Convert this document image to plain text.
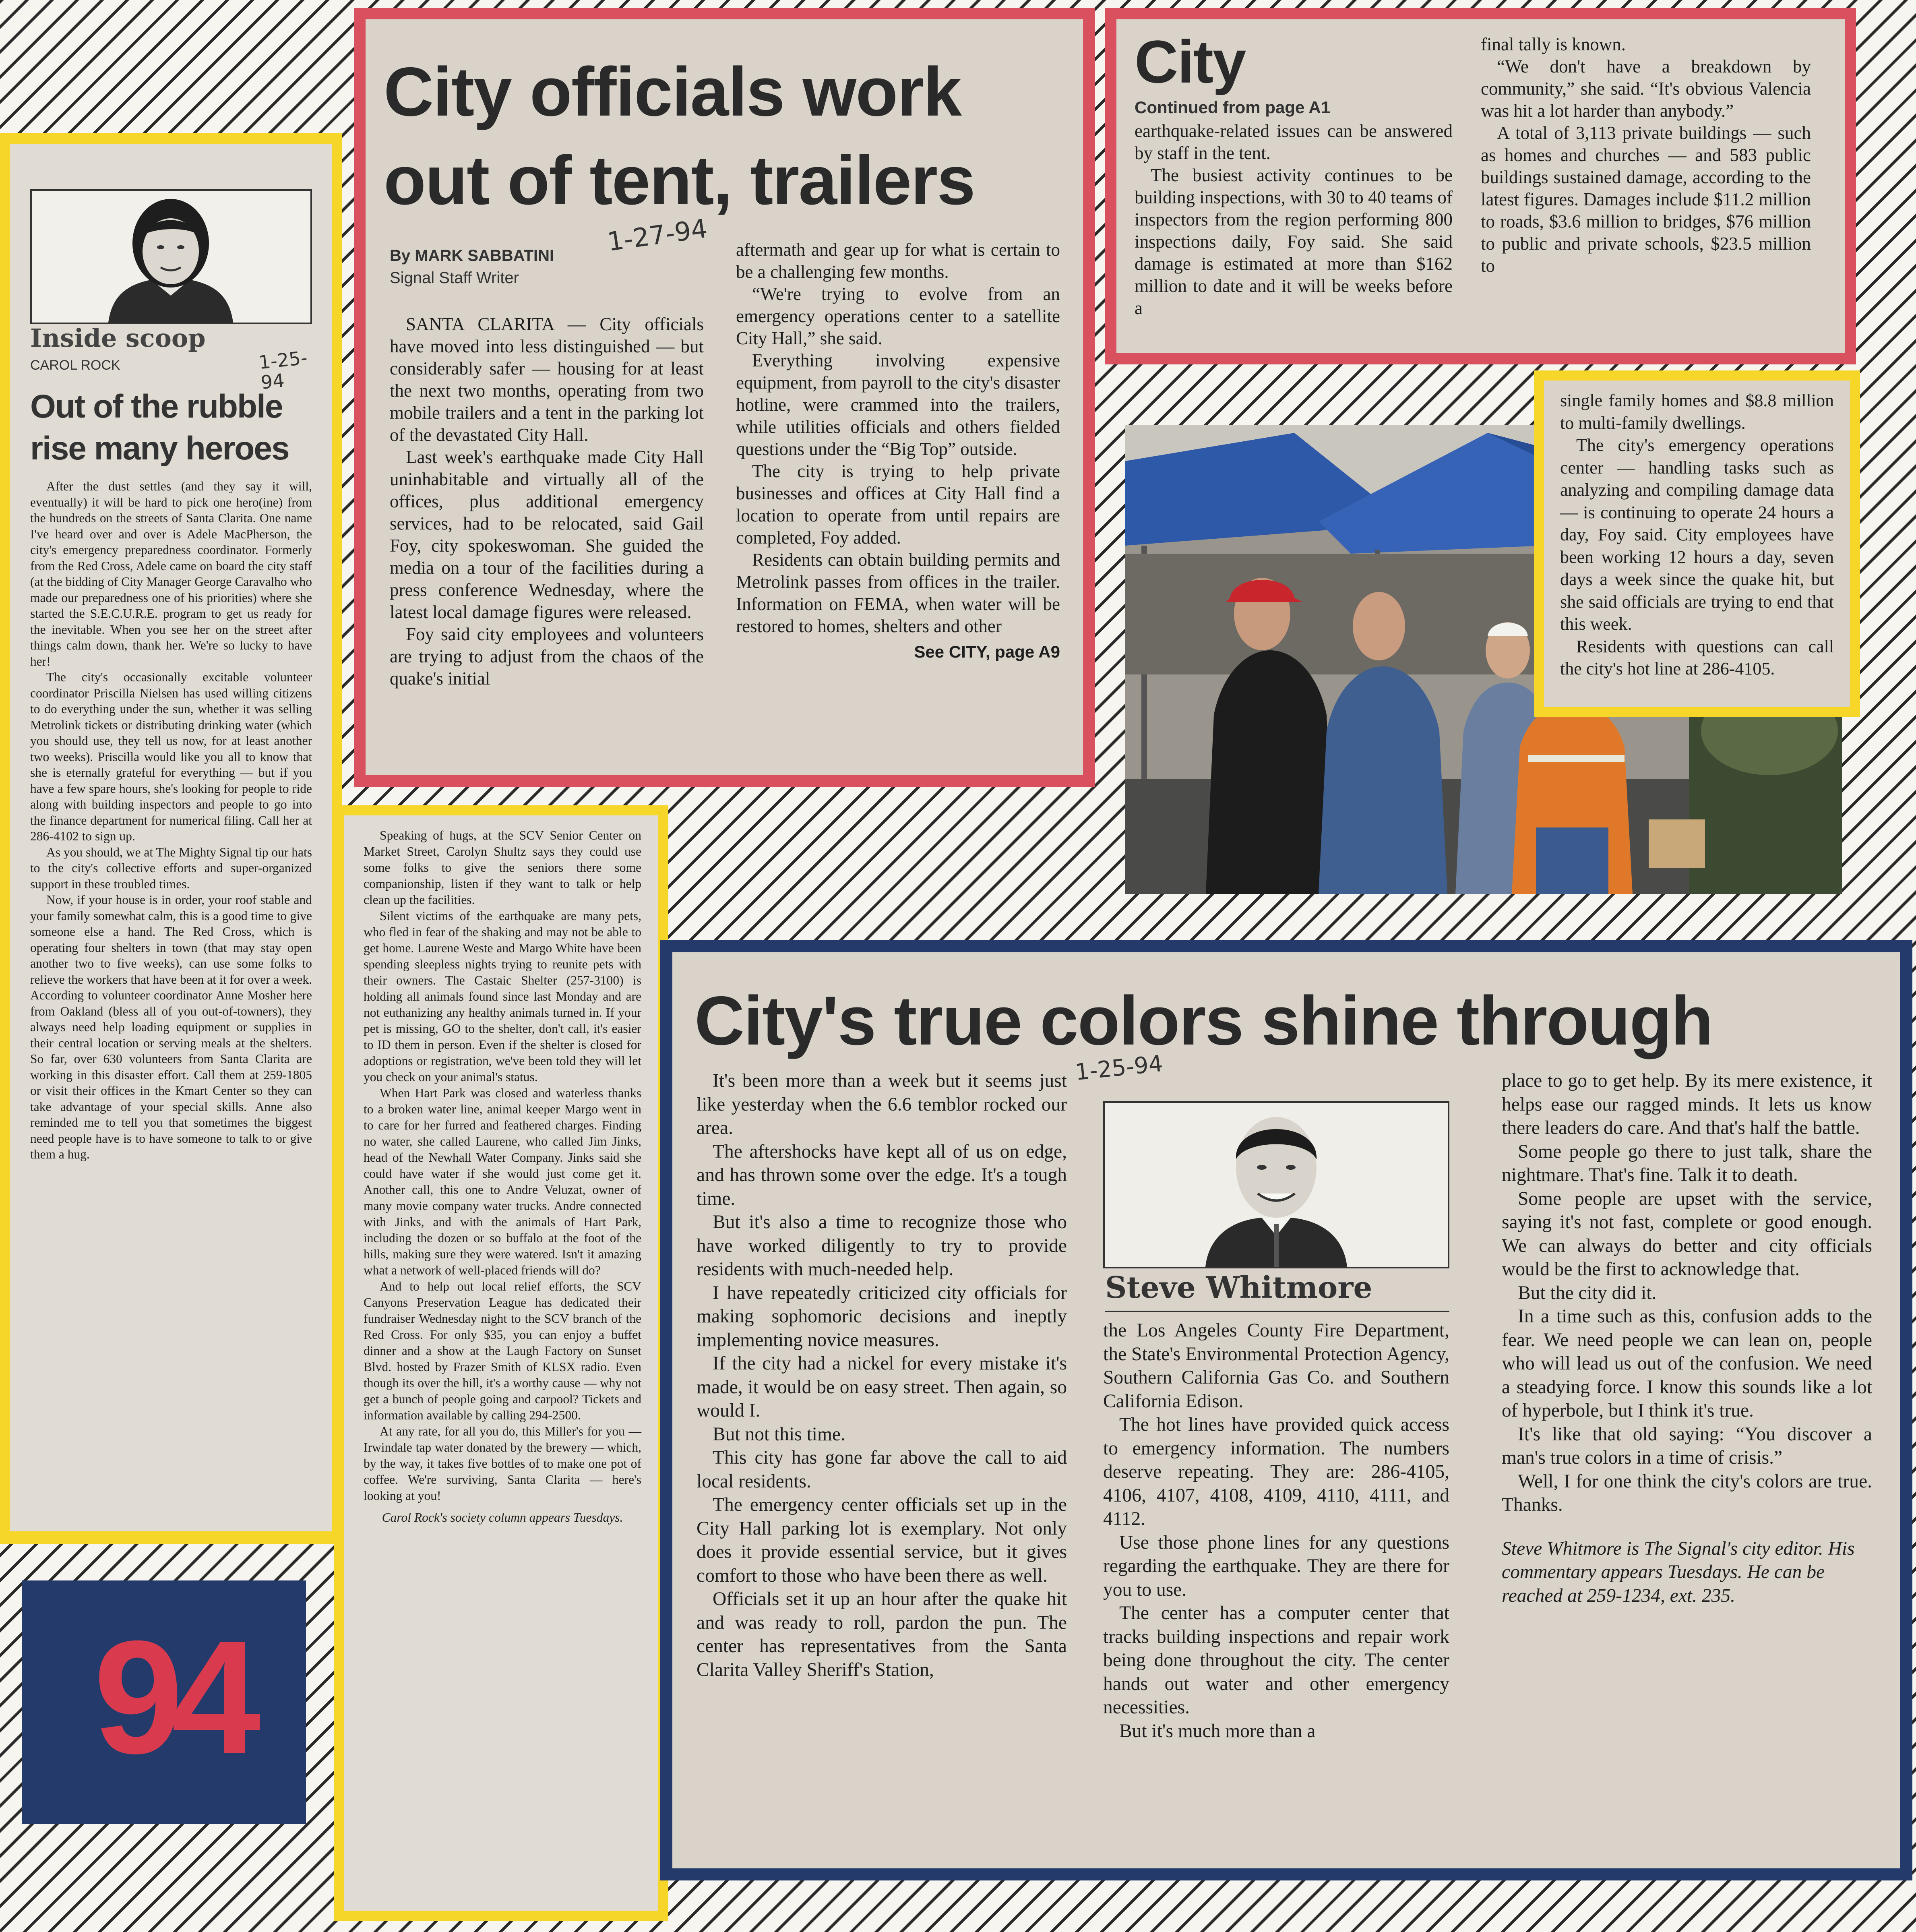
Inside scoop
CAROL ROCK	1-25-94
Out of the rubble
rise many heroes

After the dust settles (and they say it will, eventually) it will be hard to pick one hero(ine) from the hundreds on the streets of Santa Clarita. One name I've heard over and over is Adele MacPherson, the city's emergency preparedness coordinator. Formerly from the Red Cross, Adele came on board the city staff (at the bidding of City Manager George Caravalho who made our preparedness one of his priorities) where she started the S.E.C.U.R.E. program to get us ready for the inevitable. When you see her on the street after things calm down, thank her. We're so lucky to have her!

The city's occasionally excitable volunteer coordinator Priscilla Nielsen has used willing citizens to do everything under the sun, whether it was selling Metrolink tickets or distributing drinking water (which you should use, they tell us now, for at least another two weeks). Priscilla would like you all to know that she is eternally grateful for everything — but if you have a few spare hours, she's looking for people to ride along with building inspectors and people to go into the finance department for numerical filing. Call her at 286-4102 to sign up.

As you should, we at The Mighty Signal tip our hats to the city's collective efforts and super-organized support in these troubled times.

Now, if your house is in order, your roof stable and your family somewhat calm, this is a good time to give someone else a hand. The Red Cross, which is operating four shelters in town (that may stay open another two to five weeks), can use some folks to relieve the workers that have been at it for over a week. According to volunteer coordinator Anne Mosher here from Oakland (bless all of you out-of-towners), they always need help loading equipment or supplies in their central location or serving meals at the shelters. So far, over 630 volunteers from Santa Clarita are working in this disaster effort. Call them at 259-1805 or visit their offices in the Kmart Center so they can take advantage of your special skills. Anne also reminded me to tell you that sometimes the biggest need people have is to have someone to talk to or give them a hug.

Speaking of hugs, at the SCV Senior Center on Market Street, Carolyn Shultz says they could use some folks to give the seniors there some companionship, listen if they want to talk or help clean up the facilities.

Silent victims of the earthquake are many pets, who fled in fear of the shaking and may not be able to get home. Laurene Weste and Margo White have been spending sleepless nights trying to reunite pets with their owners. The Castaic Shelter (257-3100) is holding all animals found since last Monday and are not euthanizing any healthy animals turned in. If your pet is missing, GO to the shelter, don't call, it's easier to ID them in person. Even if the shelter is closed for adoptions or registration, we've been told they will let you check on your animal's status.

When Hart Park was closed and waterless thanks to a broken water line, animal keeper Margo went in to care for her furred and feathered charges. Finding no water, she called Laurene, who called Jim Jinks, head of the Newhall Water Company. Jinks said she could have water if she would just come get it. Another call, this one to Andre Veluzat, owner of many movie company water trucks. Andre connected with Jinks, and with the animals of Hart Park, including the dozen or so buffalo at the foot of the hills, making sure they were watered. Isn't it amazing what a network of well-placed friends will do?

And to help out local relief efforts, the SCV Canyons Preservation League has dedicated their fundraiser Wednesday night to the SCV branch of the Red Cross. For only $35, you can enjoy a buffet dinner and a show at the Laugh Factory on Sunset Blvd. hosted by Frazer Smith of KLSX radio. Even though its over the hill, it's a worthy cause — why not get a bunch of people going and carpool? Tickets and information available by calling 294-2500.

At any rate, for all you do, this Miller's for you — Irwindale tap water donated by the brewery — which, by the way, it takes five bottles of to make one pot of coffee. We're surviving, Santa Clarita — here's looking at you!

Carol Rock's society column appears Tuesdays.
94
City officials work
out of tent, trailers
By MARK SABBATINI 1-27-94
Signal Staff Writer

SANTA CLARITA — City officials have moved into less distinguished — but considerably safer — housing for at least the next two months, operating from two mobile trailers and a tent in the parking lot of the devastated City Hall.

Last week's earthquake made City Hall uninhabitable and virtually all of the offices, plus additional emergency services, had to be relocated, said Gail Foy, city spokeswoman. She guided the media on a tour of the facilities during a press conference Wednesday, where the latest local damage figures were released.

Foy said city employees and volunteers are trying to adjust from the chaos of the quake's initial

aftermath and gear up for what is certain to be a challenging few months.

“We're trying to evolve from an emergency operations center to a satellite City Hall,” she said.

Everything involving expensive equipment, from payroll to the city's disaster hotline, were crammed into the trailers, while utilities officials and others fielded questions under the “Big Top” outside.

The city is trying to help private businesses and offices at City Hall find a location to operate from until repairs are completed, Foy added.

Residents can obtain building permits and Metrolink passes from offices in the trailer. Information on FEMA, when water will be restored to homes, shelters and other

See CITY, page A9
City
Continued from page A1

earthquake-related issues can be answered by staff in the tent.

The busiest activity continues to be building inspections, with 30 to 40 teams of inspectors from the region performing 800 inspections daily, Foy said. She said damage is estimated at more than $162 million to date and it will be weeks before a

final tally is known.

“We don't have a breakdown by community,” she said. “It's obvious Valencia was hit a lot harder than anybody.”

A total of 3,113 private buildings — such as homes and churches — and 583 public buildings sustained damage, according to the latest figures. Damages include $11.2 million to roads, $3.6 million to bridges, $76 million to public and private schools, $23.5 million to

single family homes and $8.8 million to multi-family dwellings.

The city's emergency operations center — handling tasks such as analyzing and compiling damage data — is continuing to operate 24 hours a day, Foy said. City employees have been working 12 hours a day, seven days a week since the quake hit, but she said officials are trying to end that this week.

Residents with questions can call the city's hot line at 286-4105.

City's true colors shine through
1-25-94

It's been more than a week but it seems just like yesterday when the 6.6 temblor rocked our area.

The aftershocks have kept all of us on edge, and has thrown some over the edge. It's a tough time.

But it's also a time to recognize those who have worked diligently to try to provide residents with much-needed help.

I have repeatedly criticized city officials for making sophomoric decisions and ineptly implementing novice measures.

If the city had a nickel for every mistake it's made, it would be on easy street. Then again, so would I.

But not this time.

This city has gone far above the call to aid local residents.

The emergency center officials set up in the City Hall parking lot is exemplary. Not only does it provide essential service, but it gives comfort to those who have been there as well.

Officials set it up an hour after the quake hit and was ready to roll, pardon the pun. The center has representatives from the Santa Clarita Valley Sheriff's Station,

Steve Whitmore

the Los Angeles County Fire Department, the State's Environmental Protection Agency, Southern California Gas Co. and Southern California Edison.

The hot lines have provided quick access to emergency information. The numbers deserve repeating. They are: 286-4105, 4106, 4107, 4108, 4109, 4110, 4111, and 4112.

Use those phone lines for any questions regarding the earthquake. They are there for you to use.

The center has a computer center that tracks building inspections and repair work being done throughout the city. The center hands out water and other emergency necessities.

But it's much more than a

place to go to get help. By its mere existence, it helps ease our ragged minds. It lets us know there leaders do care. And that's half the battle.

Some people go there to just talk, share the nightmare. That's fine. Talk it to death.

Some people are upset with the service, saying it's not fast, complete or good enough. We can always do better and city officials would be the first to acknowledge that.

But the city did it.

In a time such as this, confusion adds to the fear. We need people we can lean on, people who will lead us out of the confusion. We need a steadying force. I know this sounds like a lot of hyperbole, but I think it's true.

It's like that old saying: “You discover a man's true colors in a time of crisis.”

Well, I for one think the city's colors are true. Thanks.

Steve Whitmore is The Signal's city editor. His commentary appears Tuesdays. He can be reached at 259-1234, ext. 235.
